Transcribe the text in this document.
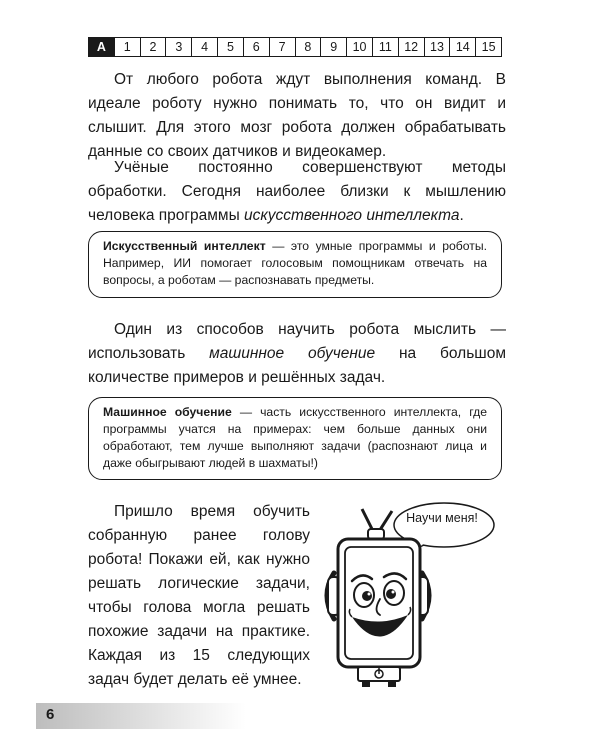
A	1	2	3	4	5	6	7	8	9	10 11 12 13 14 15

От любого робота ждут выполнения команд. В идеале роботу нужно понимать то, что он видит и слышит. Для этого мозг робота должен обрабатывать данные со своих датчиков и видеокамер.

Учёные постоянно совершенствуют методы обработки. Сегодня наиболее близки к мышлению человека программы искусственного интеллекта.

Искусственный интеллект — это умные программы и роботы. Например, ИИ помогает голосовым помощникам отвечать на вопросы, а роботам — распознавать предметы.

Один из способов научить робота мыслить — использовать машинное обучение на большом количестве примеров и решённых задач.

Машинное обучение — часть искусственного интеллекта, где программы учатся на примерах: чем больше данных они обработают, тем лучше выполняют задачи (распознают лица и даже обыгрывают людей в шахматы!)

Пришло время обучить собранную ранее голову робота! Покажи ей, как нужно решать логические задачи, чтобы голова могла решать похожие задачи на практике. Каждая из 15 следующих задач будет делать её умнее.

Научи меня!
6
